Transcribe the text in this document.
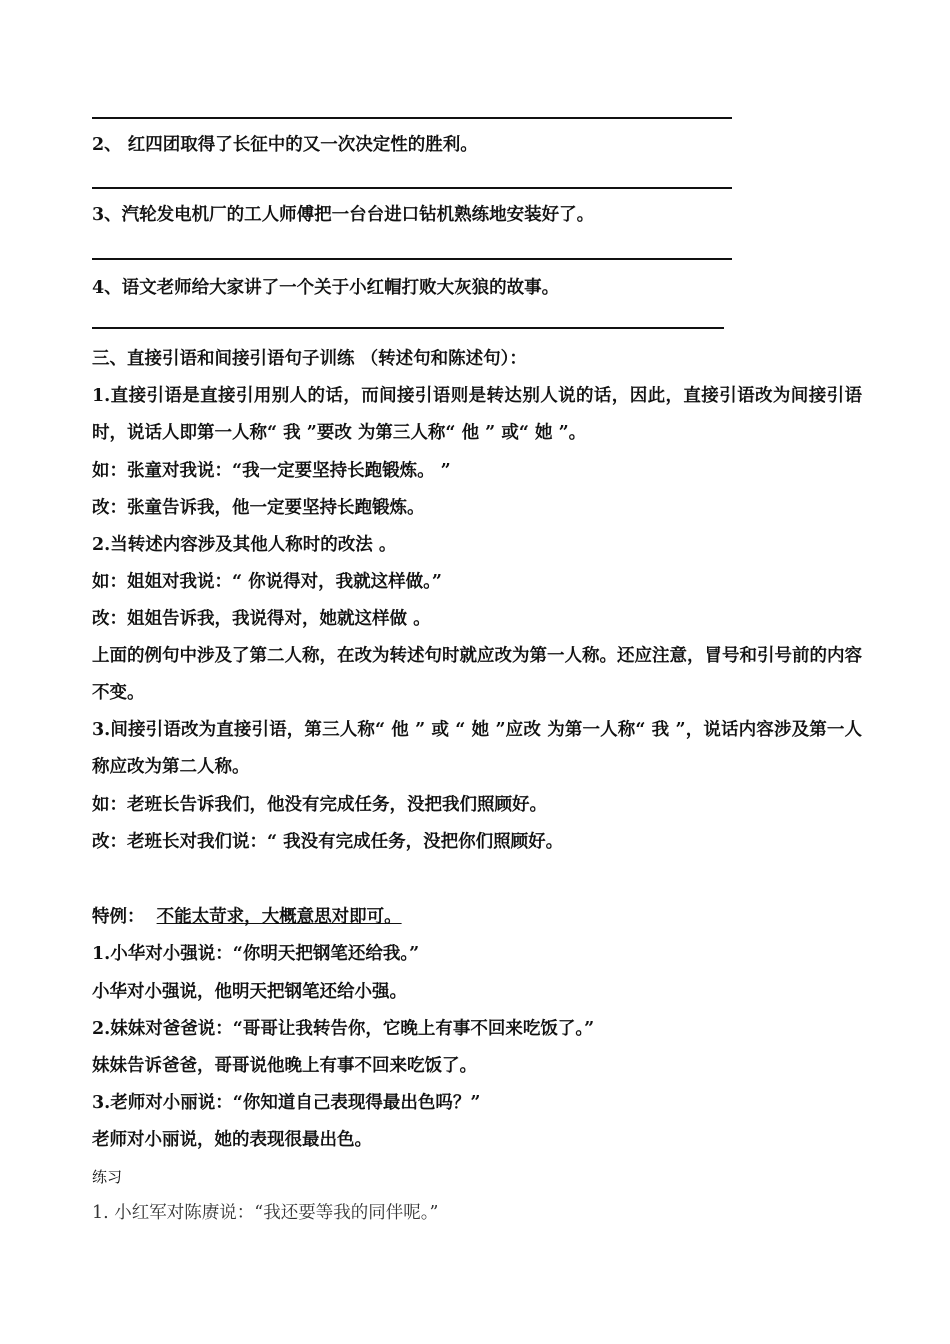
2、 红四团取得了长征中的又一次决定性的胜利。
3、汽轮发电机厂的工人师傅把一台台进口钻机熟练地安装好了。
4、语文老师给大家讲了一个关于小红帽打败大灰狼的故事。
三、直接引语和间接引语句子训练 （转述句和陈述句）：
1.直接引语是直接引用别人的话，而间接引语则是转达别人说的话，因此，直接引语改为间接引语时，说话人即第一人称“ 我 ”要改 为第三人称“ 他 ” 或“ 她 ”。
如：张童对我说：“我一定要坚持长跑锻炼。 ”
改：张童告诉我，他一定要坚持长跑锻炼。
2.当转述内容涉及其他人称时的改法 。
如：姐姐对我说：“ 你说得对，我就这样做。”
改：姐姐告诉我，我说得对，她就这样做 。
上面的例句中涉及了第二人称，在改为转述句时就应改为第一人称。还应注意，冒号和引号前的内容不变。
3.间接引语改为直接引语，第三人称“ 他 ” 或 “ 她 ”应改 为第一人称“ 我 ”，说话内容涉及第一人称应改为第二人称。
如：老班长告诉我们，他没有完成任务，没把我们照顾好。
改：老班长对我们说：“ 我没有完成任务，没把你们照顾好。
特例： 不能太苛求，大概意思对即可。
1.小华对小强说：“你明天把钢笔还给我。”
小华对小强说，他明天把钢笔还给小强。
2.妹妹对爸爸说：“哥哥让我转告你，它晚上有事不回来吃饭了。”
妹妹告诉爸爸，哥哥说他晚上有事不回来吃饭了。
3.老师对小丽说：“你知道自己表现得最出色吗？”
老师对小丽说，她的表现很最出色。
练习
1. 小红军对陈赓说：“我还要等我的同伴呢。”
